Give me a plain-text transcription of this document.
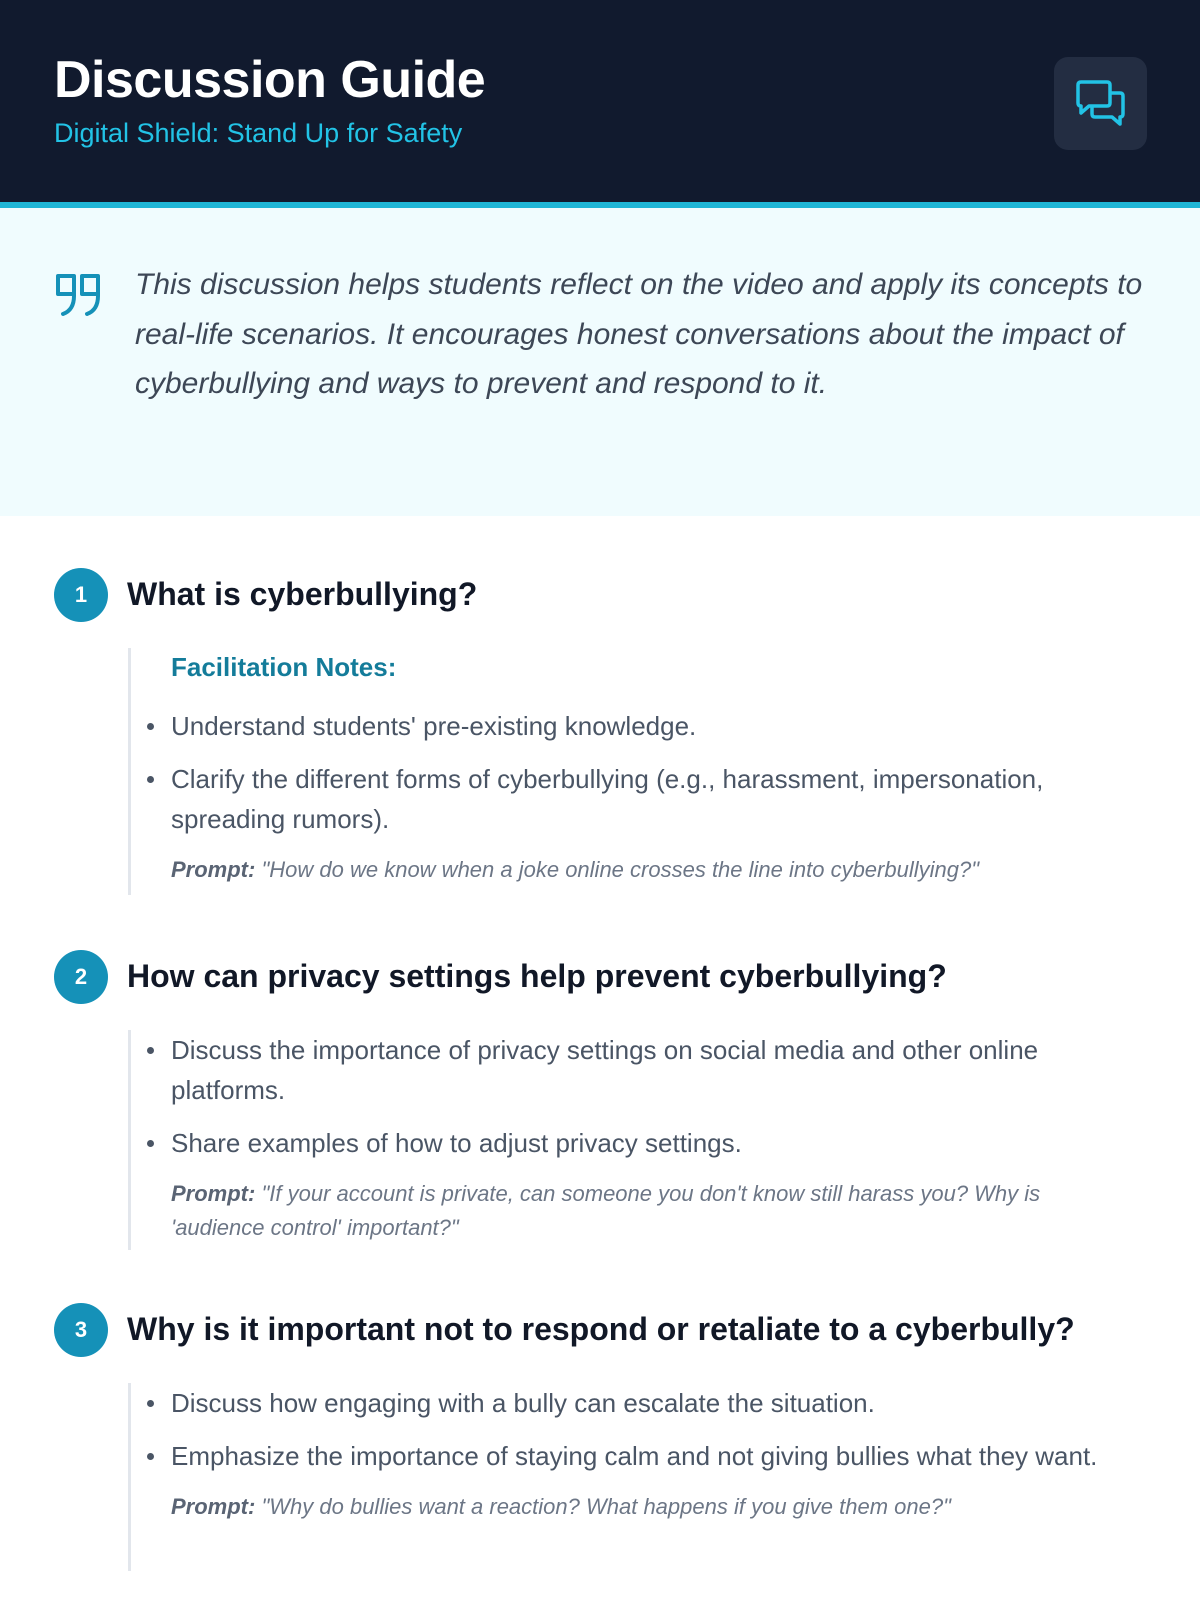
Discussion Guide

Digital Shield: Stand Up for Safety

This discussion helps students reflect on the video and apply its concepts to real-life scenarios. It encourages honest conversations about the impact of cyberbullying and ways to prevent and respond to it.

1	What is cyberbullying?

Facilitation Notes:

Understand students' pre-existing knowledge.

Clarify the different forms of cyberbullying (e.g., harassment, impersonation, spreading rumors).

Prompt: "How do we know when a joke online crosses the line into cyberbullying?"

2	How can privacy settings help prevent cyberbullying?

Discuss the importance of privacy settings on social media and other online platforms.

Share examples of how to adjust privacy settings.

Prompt: "If your account is private, can someone you don't know still harass you? Why is 'audience control' important?"

3	Why is it important not to respond or retaliate to a cyberbully?

Discuss how engaging with a bully can escalate the situation.

Emphasize the importance of staying calm and not giving bullies what they want.

Prompt: "Why do bullies want a reaction? What happens if you give them one?"
